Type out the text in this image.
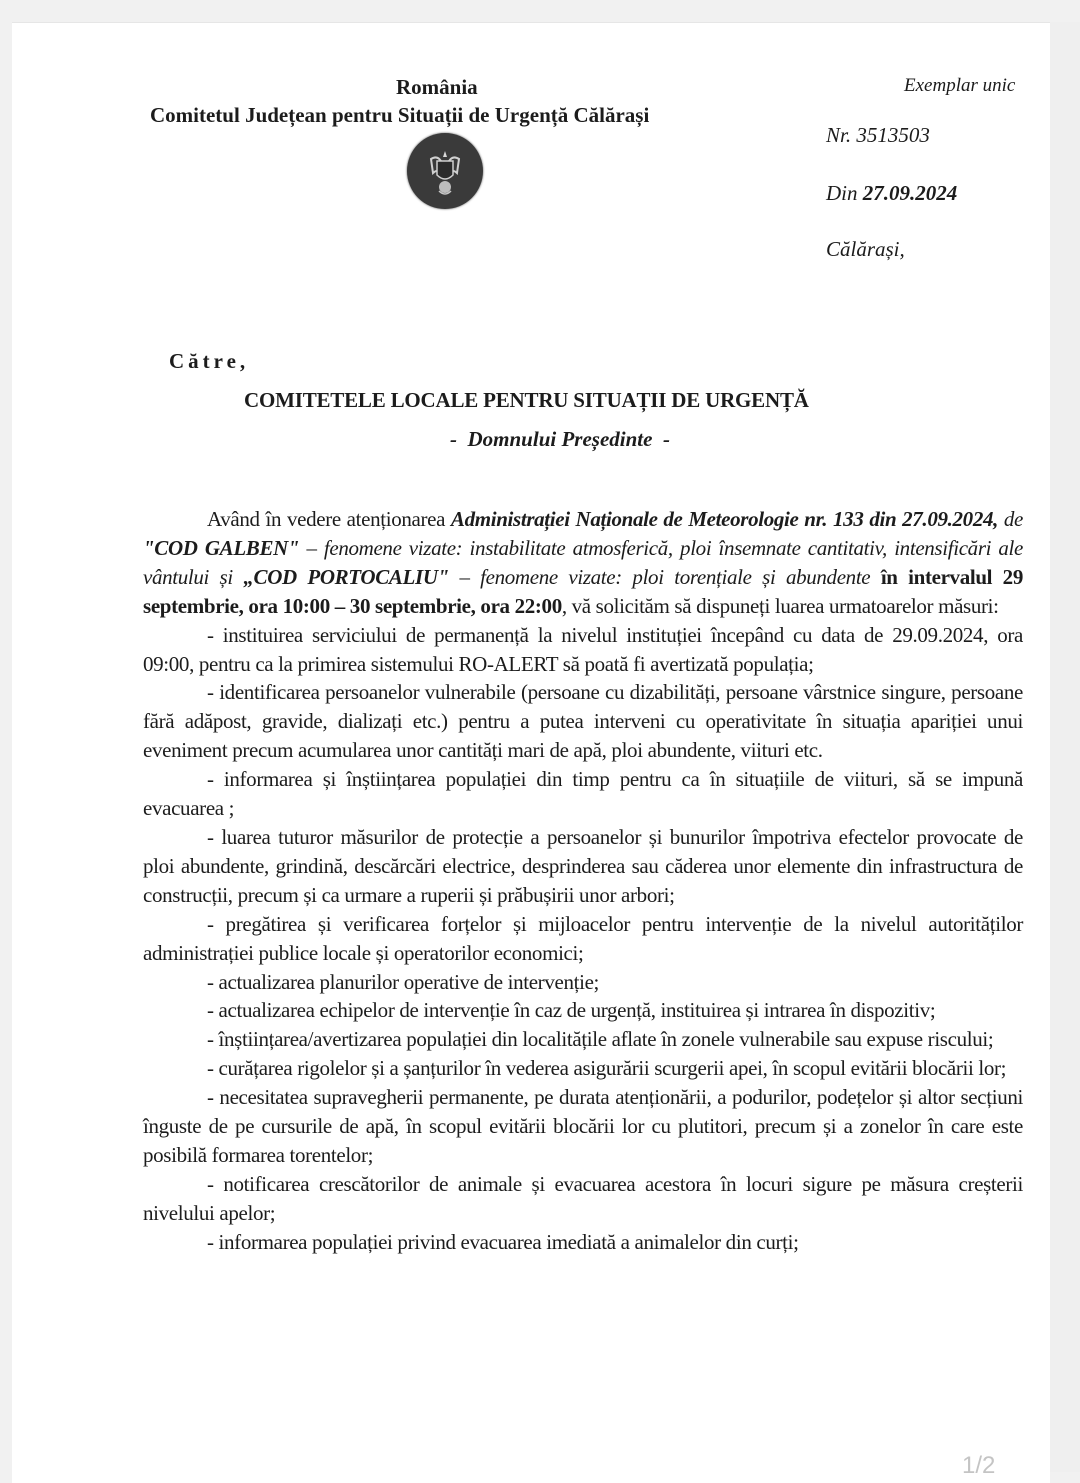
România
Comitetul Județean pentru Situații de Urgență Călărași
Exemplar unic
Nr. 3513503
Din 27.09.2024
Călărași,
Către,
COMITETELE LOCALE PENTRU SITUAȚII DE URGENȚĂ
- Domnului Președinte -

Având în vedere atenționarea Administrației Naționale de Meteorologie nr. 133 din 27.09.2024, de "COD GALBEN" – fenomene vizate: instabilitate atmosferică, ploi însemnate cantitativ, intensificări ale vântului și „COD PORTOCALIU" – fenomene vizate: ploi torențiale și abundente în intervalul 29 septembrie, ora 10:00 – 30 septembrie, ora 22:00, vă solicităm să dispuneți luarea urmatoarelor măsuri:

- instituirea serviciului de permanență la nivelul instituției începând cu data de 29.09.2024, ora 09:00, pentru ca la primirea sistemului RO-ALERT să poată fi avertizată populația;

- identificarea persoanelor vulnerabile (persoane cu dizabilități, persoane vârstnice singure, persoane fără adăpost, gravide, dializați etc.) pentru a putea interveni cu operativitate în situația apariției unui eveniment precum acumularea unor cantități mari de apă, ploi abundente, viituri etc.

- informarea și înștiințarea populației din timp pentru ca în situațiile de viituri, să se impună evacuarea ;

- luarea tuturor măsurilor de protecție a persoanelor și bunurilor împotriva efectelor provocate de ploi abundente, grindină, descărcări electrice, desprinderea sau căderea unor elemente din infrastructura de construcții, precum și ca urmare a ruperii și prăbușirii unor arbori;

- pregătirea și verificarea forțelor și mijloacelor pentru intervenție de la nivelul autorităților administrației publice locale și operatorilor economici;

- actualizarea planurilor operative de intervenție;

- actualizarea echipelor de intervenție în caz de urgență, instituirea și intrarea în dispozitiv;

- înștiințarea/avertizarea populației din localitățile aflate în zonele vulnerabile sau expuse riscului;

- curățarea rigolelor și a șanțurilor în vederea asigurării scurgerii apei, în scopul evitării blocării lor;

- necesitatea supravegherii permanente, pe durata atenționării, a podurilor, podețelor și altor secțiuni înguste de pe cursurile de apă, în scopul evitării blocării lor cu plutitori, precum și a zonelor în care este posibilă formarea torentelor;

- notificarea crescătorilor de animale și evacuarea acestora în locuri sigure pe măsura creșterii nivelului apelor;

- informarea populației privind evacuarea imediată a animalelor din curți;

1/2
